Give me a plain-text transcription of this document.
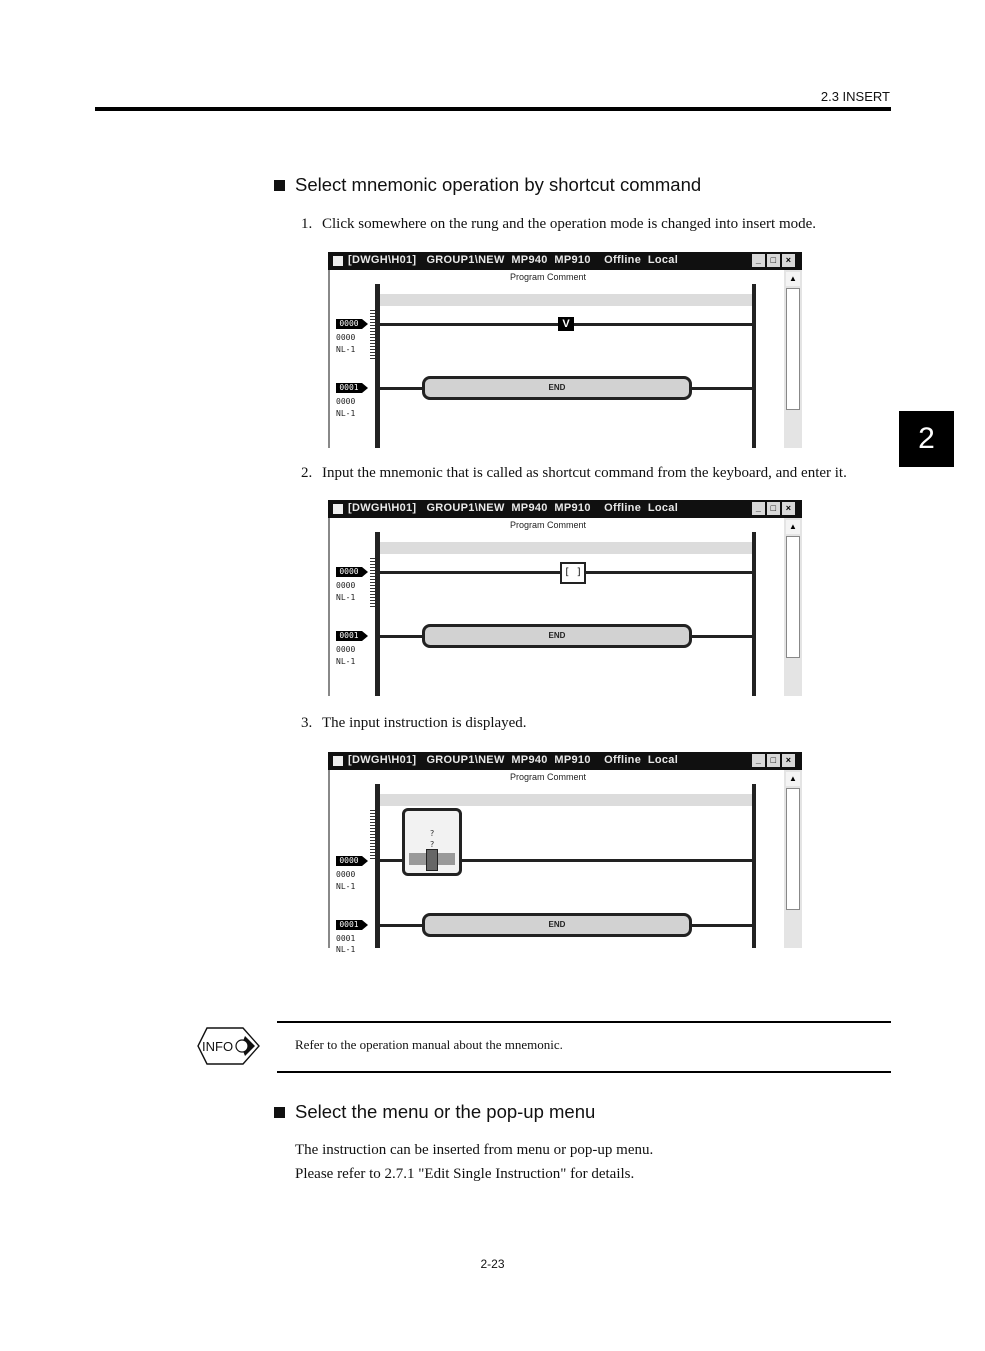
2.3 INSERT
2
Select mnemonic operation by shortcut command
1. Click somewhere on the rung and the operation mode is changed into insert mode.
[DWGH\H01]   GROUP1\NEW  MP940  MP910    Offline  Local	_	□	×
Program Comment
V
0000
0000
NL-1
END
0001
0000
NL-1
▲
2. Input the mnemonic that is called as shortcut command from the keyboard, and enter it.
[DWGH\H01]   GROUP1\NEW  MP940  MP910    Offline  Local	_	□	×
Program Comment
[ ]
0000
0000
NL-1
END
0001
0000
NL-1
▲
3. The input instruction is displayed.
[DWGH\H01]   GROUP1\NEW  MP940  MP910    Offline  Local	_	□	×
Program Comment
?
?
0000
0000
NL-1
END
0001
0001
NL-1
▲
INFO	Refer to the operation manual about the mnemonic.
Select the menu or the pop-up menu
The instruction can be inserted from menu or pop-up menu.
Please refer to 2.7.1 "Edit Single Instruction" for details.
2-23
